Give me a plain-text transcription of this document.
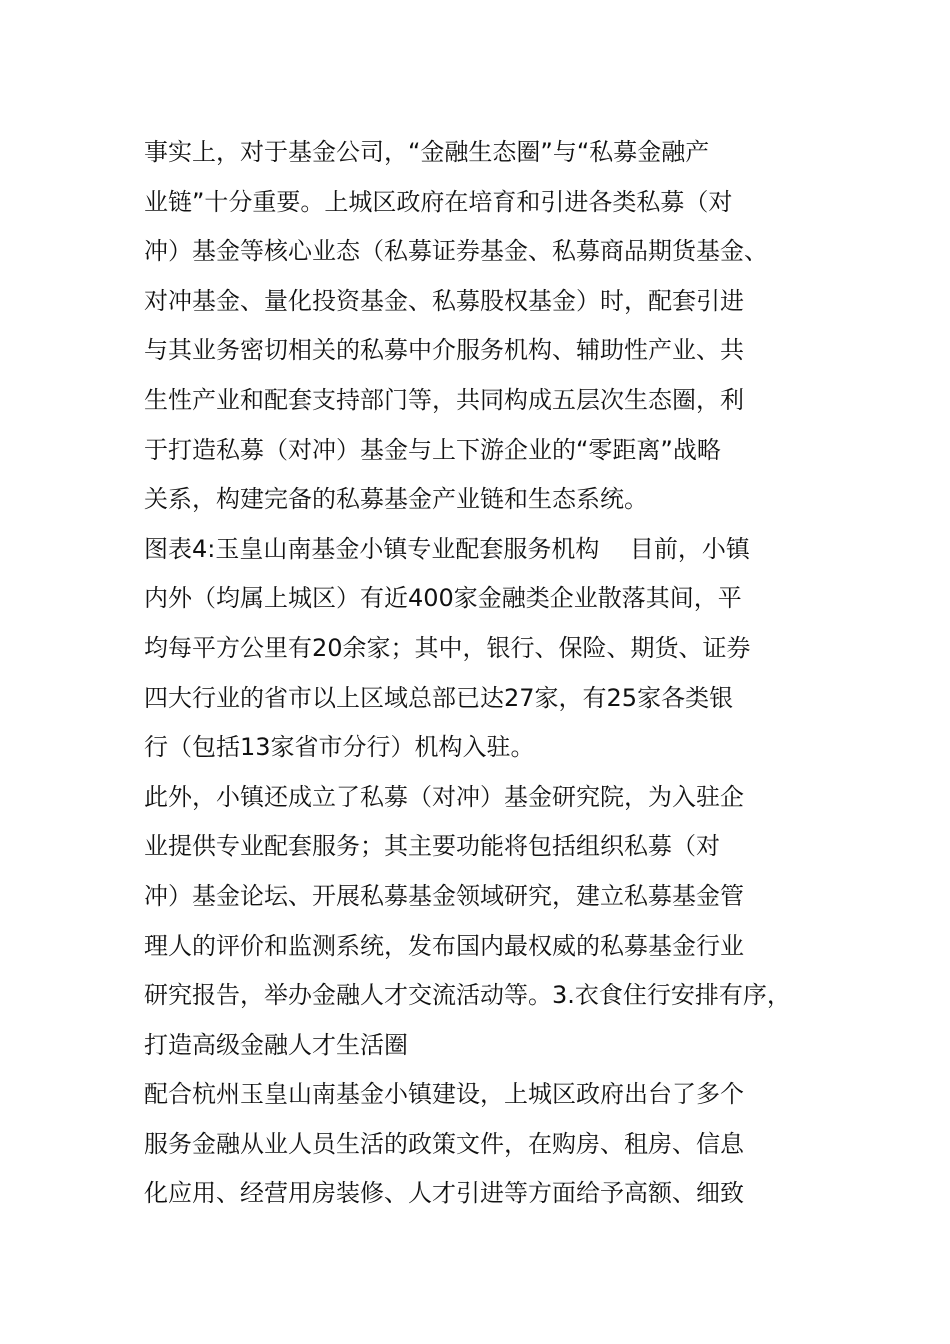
事实上，对于基金公司，“金融生态圈”与“私募金融产
业链”十分重要。上城区政府在培育和引进各类私募（对
冲）基金等核心业态（私募证券基金、私募商品期货基金、
对冲基金、量化投资基金、私募股权基金）时，配套引进
与其业务密切相关的私募中介服务机构、辅助性产业、共
生性产业和配套支持部门等，共同构成五层次生态圈，利
于打造私募（对冲）基金与上下游企业的“零距离”战略
关系，构建完备的私募基金产业链和生态系统。
图表4:玉皇山南基金小镇专业配套服务机构    目前，小镇
内外（均属上城区）有近400家金融类企业散落其间，平
均每平方公里有20余家；其中，银行、保险、期货、证券
四大行业的省市以上区域总部已达27家，有25家各类银
行（包括13家省市分行）机构入驻。
此外，小镇还成立了私募（对冲）基金研究院，为入驻企
业提供专业配套服务；其主要功能将包括组织私募（对
冲）基金论坛、开展私募基金领域研究，建立私募基金管
理人的评价和监测系统，发布国内最权威的私募基金行业
研究报告，举办金融人才交流活动等。3.衣食住行安排有序，
打造高级金融人才生活圈
配合杭州玉皇山南基金小镇建设，上城区政府出台了多个
服务金融从业人员生活的政策文件，在购房、租房、信息
化应用、经营用房装修、人才引进等方面给予高额、细致
